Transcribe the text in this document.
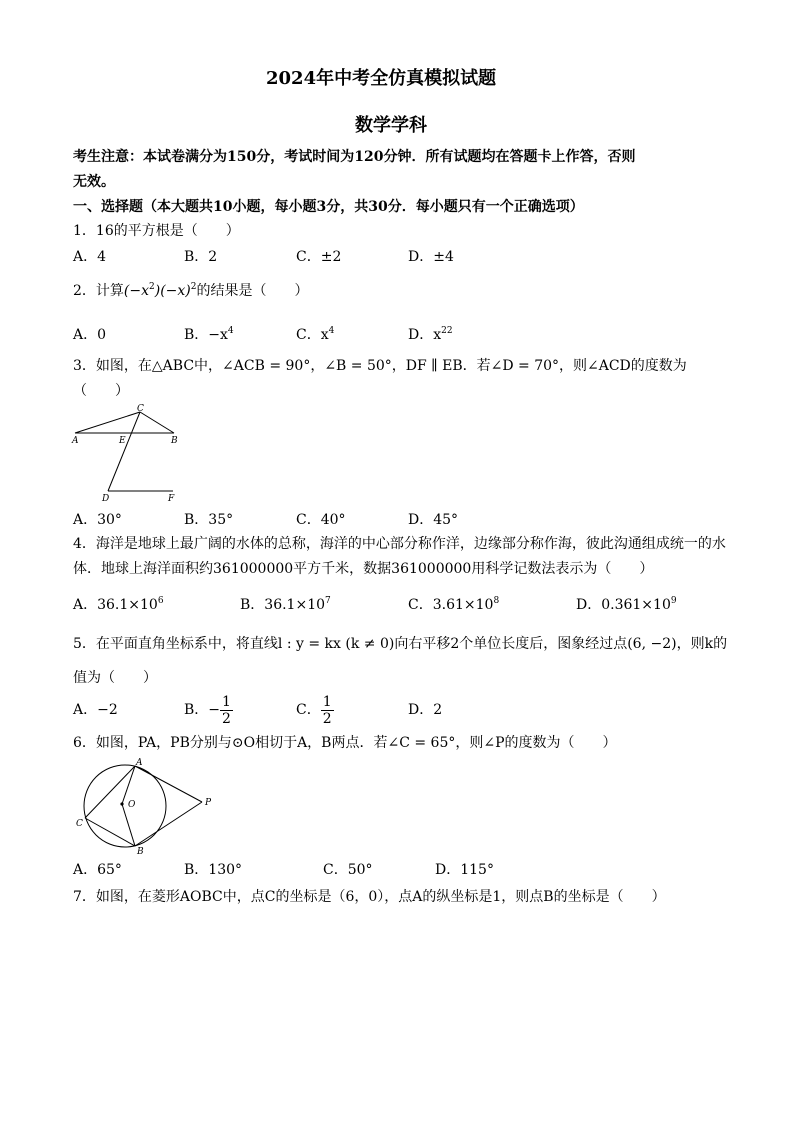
2024年中考全仿真模拟试题
数学学科
考生注意：本试卷满分为150分，考试时间为120分钟．所有试题均在答题卡上作答，否则
无效。
一、选择题（本大题共10小题，每小题3分，共30分．每小题只有一个正确选项）
1．16的平方根是（　　）
A．4	B．2	C．±2	D．±4
2．计算$(-x^2)(-x)^2$的结果是（　　）
A．0	B．$-x^4$	C．$x^4$	D．$x^{22}$
3．如图，在△ABC中，∠ACB = 90°，∠B = 50°，DF ∥ EB．若∠D = 70°，则∠ACD的度数为
（　　）
C
A	E	B
D	F
A．30°	B．35°	C．40°	D．45°
4．海洋是地球上最广阔的水体的总称，海洋的中心部分称作洋，边缘部分称作海，彼此沟通组成统一的水
体．地球上海洋面积约361000000平方千米，数据361000000用科学记数法表示为（　　）
A．$36.1\times 10^6$	B．$36.1\times 10^7$	C．$3.61\times 10^8$	D．$0.361\times 10^9$
5．在平面直角坐标系中，将直线l : y = kx (k ≠ 0)向右平移2个单位长度后，图象经过点(6, −2)，则k的
值为（　　）
A．−2	B．− $\frac{1}{2}$	C． $\frac{1}{2}$	D．2
6．如图，PA，PB分别与⊙O相切于A，B两点．若∠C = 65°，则∠P的度数为（　　）
A
O	P
C
B
A．65°	B．130°	C．50°	D．115°
7．如图，在菱形AOBC中，点C的坐标是（6，0），点A的纵坐标是1，则点B的坐标是（　　）
